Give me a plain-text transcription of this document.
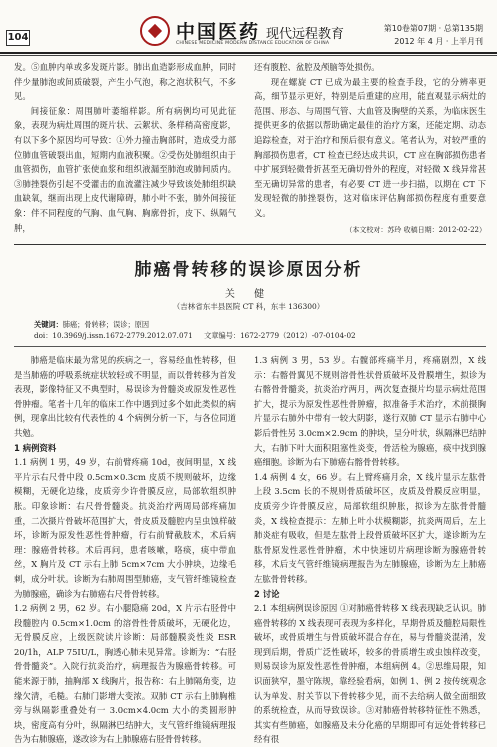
104	中国医药 现代远程教育
CHINESE MEDICINE MODERN DISTANCE EDUCATION OF CHINA
第10卷第07期 · 总第135期
2012 年 4 月 · 上半月刊

发。⑤血肿内单或多发斑片影。肺出血造影形成血肿，同时伴少量肺泡或间质破裂，产生小气泡，称之泡状积气，不多见。

间接征象：周围肺叶萎缩样影。所有病例均可见此征象，表现为病灶周围的斑片状、云絮状、条样稍高密度影，有以下多个原因均可导致：①外力撞击胸部时，造成受力部位肺血管破裂出血，短期内血液积聚。②受伤处肺组织由于血管损伤，血管扩张使血浆和组织液漏至肺泡或肺间质内。③肺挫裂伤引起不受灌击的血流灌注减少导致该处肺组织缺血缺氧，继而出现上皮代谢障碍，肺小叶不张，肺外间接征象：伴不同程度的气胸、血气胸、胸廓骨折，皮下、纵隔气肿，

还有腹腔、盆腔及颅脑等处损伤。

现在螺旋 CT 已成为最主要的检查手段，它的分辨率更高，细节显示更好，特别是后重建的应用，能直观显示病灶的范围、形态、与周围气管、大血管及胸壁的关系，为临床医生提供更多的依据以帮助确定最佳的治疗方案，还能定期、动态追踪检查，对于治疗和预后很有意义。笔者认为，对较严重的胸部损伤患者，CT 检查已经达成共识，CT 应在胸部损伤患者中扩展到轻微骨折甚至无确切骨外的程度，对轻微 X 线异常甚至无确切异常的患者，有必要 CT 进一步扫描，以期在 CT 下发现轻微的肺挫裂伤，这对临床评估胸部损伤程度有重要意义。

（本文校对：苏玲 收稿日期：2012-02-22）

肺癌骨转移的误诊原因分析
关 健
（吉林省东丰县医院 CT 科，东丰 136300）
关键词：肺癌；骨转移；误诊；原因
doi：10.3969/j.issn.1672-2779.2012.07.071 文章编号：1672-2779（2012）-07-0104-02

肺癌是临床最为常见的疾病之一，容易经血性转移，但是当肺癌的呼吸系统症状较轻或不明显，而以骨转移为首发表现，影像特征又不典型时，易误诊为骨髓炎或原发性恶性骨肿瘤。笔者十几年的临床工作中遇到过多个如此类似的病例，现拿出比较有代表性的 4 个病例分析一下，与各位同道共勉。

1 病例资料

1.1 病例 1 男，49 岁，右前臂疼痛 10d，夜间明显，X 线平片示右尺骨中段 0.5cm×0.3cm 皮质不规则破坏，边缘模糊，无硬化边缘，皮质旁少许骨膜反应，局部软组织肿胀。印象诊断：右尺骨骨髓炎。抗炎治疗两周局部疼痛加重，二次摄片骨破坏范围扩大，骨皮质及髓腔内呈虫蚀样破坏，诊断为原发性恶性骨肿瘤，行右前臂截肢术，术后病理：腺癌骨转移。术后再问，患者咳嗽，咯痰，痰中带血丝，X 胸片及 CT 示右上肺 5cm×7cm 大小肿块，边缘毛刺，成分叶状。诊断为右肺周围型肺癌，支气管纤维镜检查为肺腺癌，确诊为右肺癌右尺骨骨转移。

1.2 病例 2 男，62 岁。右小腿隐痛 20d，X 片示右胫骨中段髓腔内 0.5cm×1.0cm 的溶骨性骨质破坏，无硬化边，无骨膜反应，上级医院读片诊断：局部髓膜炎性炎 ESR 20/1h，ALP 75IU/L，胸透心肺未见异常。诊断为：“右胫骨骨髓炎”。入院行抗炎治疗，病理报告为腺癌骨转移。可能来源于肺，抽胸部 X 线胸片，报告称：右上肺隔角变，边缘欠清，毛糙。右肺门影增大变浓。双肺 CT 示右上肺胸椎旁与纵隔影重叠处有一 3.0cm×4.0cm 大小的类圆形肿块，密度高有分叶，纵隔淋巴结肿大，支气管纤维镜病理报告为右肺腺癌，遂改诊为右上肺腺癌右胫骨骨转移。

1.3 病例 3 男，53 岁。右髋部疼痛半月，疼痛剧烈，X 线示：右髂骨翼见不规则溶骨性状骨质破坏及骨膜增生，拟诊为右髂骨骨髓炎，抗炎治疗两月，两次复查摄片均显示病灶范围扩大，提示为原发性恶性骨肿瘤，拟准备手术治疗，术前摄胸片显示右肺外中带有一较大阴影，遂行双肺 CT 显示右肺中心影后骨性另 3.0cm×2.9cm 的肿块，呈分叶状，纵隔淋巴结肿大，右肺下叶大面积阻塞性炎变，骨活检为腺癌，痰中找到腺癌细胞。诊断为右下肺癌右髂骨骨转移。

1.4 病例 4 女，66 岁。右上臂疼痛月余，X 线片显示左肱骨上段 3.5cm 长的不规则骨质破坏区，皮质及骨膜反应明显，皮质旁少许骨膜反应，局部软组织肿胀，拟诊为左肱骨骨髓炎，X 线检查提示：左肺上叶小状模糊影，抗炎两周后，左上肺炎症有吸收，但是左肱骨上段骨质破坏区扩大，遂诊断为左肱骨原发性恶性骨肿瘤，术中快速切片病理诊断为腺癌骨转移，术后支气管纤维镜病理报告为左肺腺癌，诊断为左上肺癌左肱骨骨转移。

2 讨论

2.1 本组病例误诊原因 ①对肺癌骨转移 X 线表现缺乏认识。肺癌骨转移的 X 线表现可表现为多样化，早期骨质及髓腔局限性破坏，或骨质增生与骨质破坏混合存在，易与骨髓炎混淆，发现到后期，骨质广泛性破坏，较多的骨质增生或虫蚀样改变，则易误诊为原发性恶性骨肿瘤，本组病例 4。②思维局限，知识面狭窄，墨守陈规，靠经验看病，如例 1、例 2 按传统观念认为单发、肘关节以下骨转移少见，而不去给病人做全面细致的系统检查，从而导致误诊。③对肺癌骨转移特征性不熟悉，其实有些肺癌，如腺癌及未分化癌的早期即可有远处骨转移已经有很
